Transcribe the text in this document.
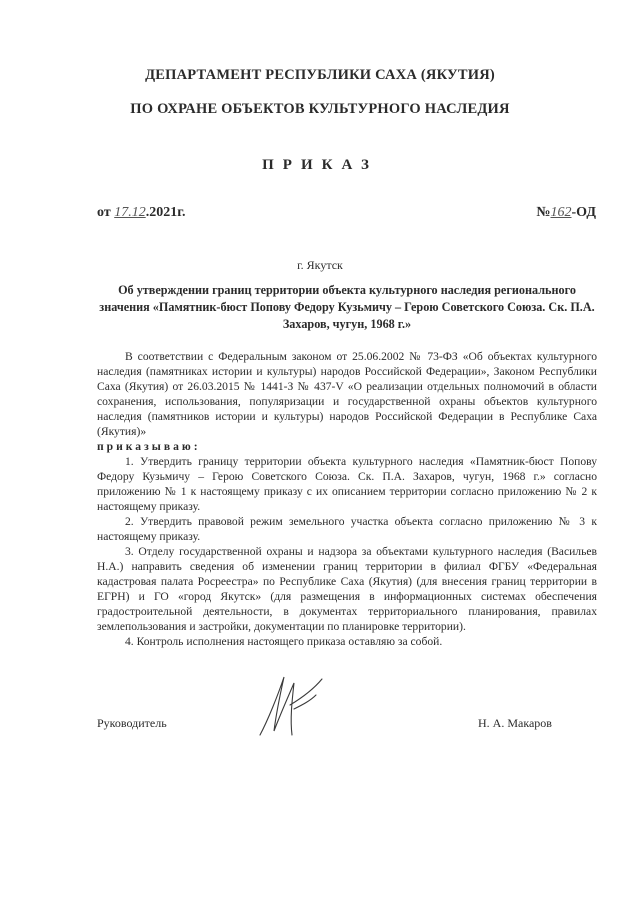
ДЕПАРТАМЕНТ РЕСПУБЛИКИ САХА (ЯКУТИЯ)
ПО ОХРАНЕ ОБЪЕКТОВ КУЛЬТУРНОГО НАСЛЕДИЯ
ПРИКАЗ
от 17.12.2021г.	№162-ОД
г. Якутск
Об утверждении границ территории объекта культурного наследия регионального значения «Памятник-бюст Попову Федору Кузьмичу – Герою Советского Союза. Ск. П.А. Захаров, чугун, 1968 г.»

В соответствии с Федеральным законом от 25.06.2002 № 73-ФЗ «Об объектах культурного наследия (памятниках истории и культуры) народов Российской Федерации», Законом Республики Саха (Якутия) от 26.03.2015 № 1441-З № 437-V «О реализации отдельных полномочий в области сохранения, использования, популяризации и государственной охраны объектов культурного наследия (памятников истории и культуры) народов Российской Федерации в Республике Саха (Якутия)»

приказываю:

1. Утвердить границу территории объекта культурного наследия «Памятник-бюст Попову Федору Кузьмичу – Герою Советского Союза. Ск. П.А. Захаров, чугун, 1968 г.» согласно приложению № 1 к настоящему приказу с их описанием территории согласно приложению № 2 к настоящему приказу.

2. Утвердить правовой режим земельного участка объекта согласно приложению № 3 к настоящему приказу.

3. Отделу государственной охраны и надзора за объектами культурного наследия (Васильев Н.А.) направить сведения об изменении границ территории в филиал ФГБУ «Федеральная кадастровая палата Росреестра» по Республике Саха (Якутия) (для внесения границ территории в ЕГРН) и ГО «город Якутск» (для размещения в информационных системах обеспечения градостроительной деятельности, в документах территориального планирования, правилах землепользования и застройки, документации по планировке территории).

4. Контроль исполнения настоящего приказа оставляю за собой.

Руководитель	Н. А. Макаров
